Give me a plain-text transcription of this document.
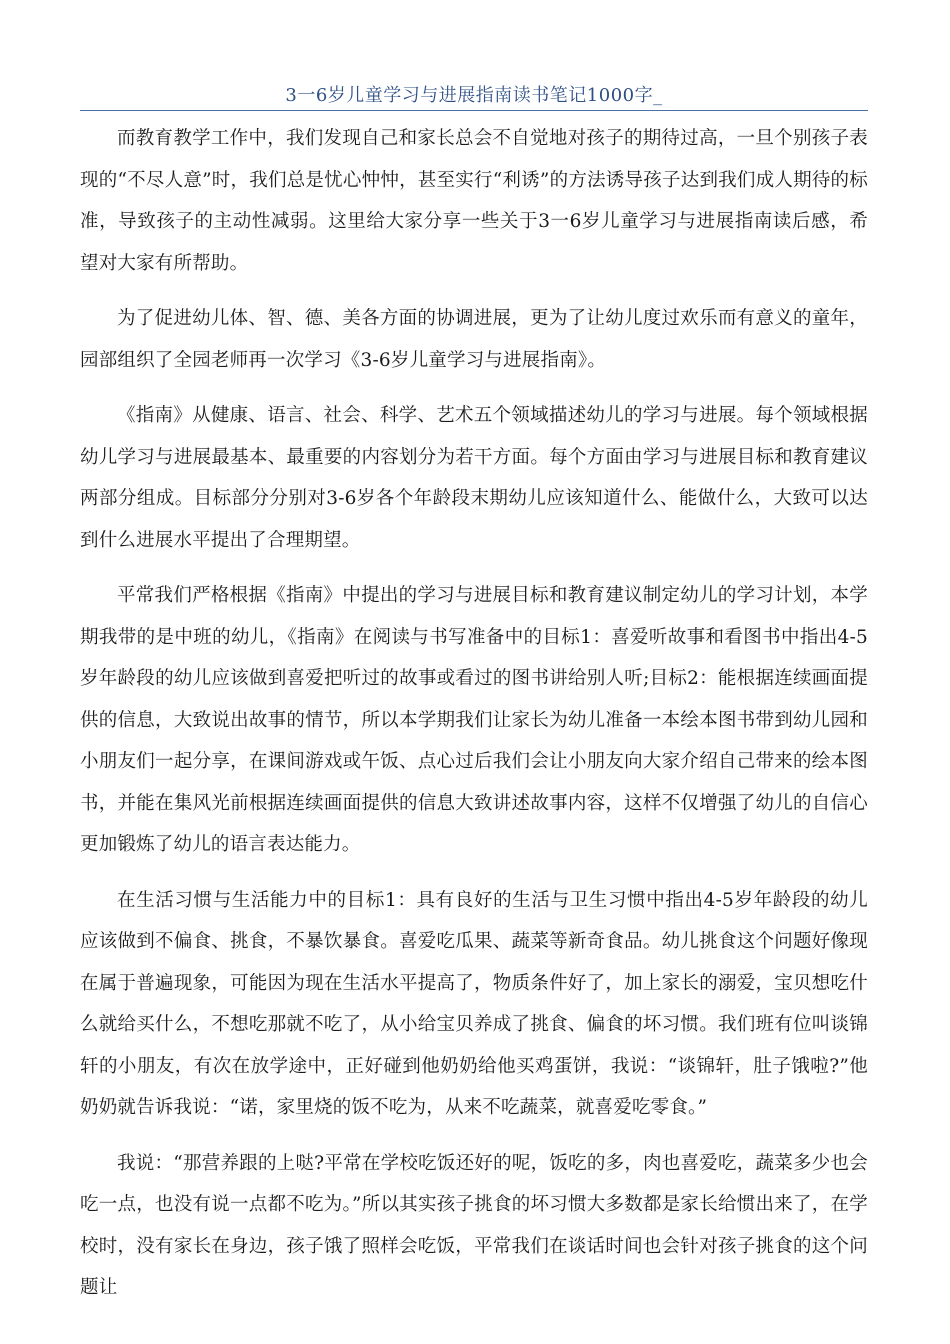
3一6岁儿童学习与进展指南读书笔记1000字_

而教育教学工作中，我们发现自己和家长总会不自觉地对孩子的期待过高，一旦个别孩子表现的“不尽人意”时，我们总是忧心忡忡，甚至实行“利诱”的方法诱导孩子达到我们成人期待的标准，导致孩子的主动性减弱。这里给大家分享一些关于3一6岁儿童学习与进展指南读后感，希望对大家有所帮助。

为了促进幼儿体、智、德、美各方面的协调进展，更为了让幼儿度过欢乐而有意义的童年，园部组织了全园老师再一次学习《3-6岁儿童学习与进展指南》。

《指南》从健康、语言、社会、科学、艺术五个领域描述幼儿的学习与进展。每个领域根据幼儿学习与进展最基本、最重要的内容划分为若干方面。每个方面由学习与进展目标和教育建议两部分组成。目标部分分别对3-6岁各个年龄段末期幼儿应该知道什么、能做什么，大致可以达到什么进展水平提出了合理期望。

平常我们严格根据《指南》中提出的学习与进展目标和教育建议制定幼儿的学习计划，本学期我带的是中班的幼儿，《指南》在阅读与书写准备中的目标1：喜爱听故事和看图书中指出4-5岁年龄段的幼儿应该做到喜爱把听过的故事或看过的图书讲给别人听;目标2：能根据连续画面提供的信息，大致说出故事的情节，所以本学期我们让家长为幼儿准备一本绘本图书带到幼儿园和小朋友们一起分享，在课间游戏或午饭、点心过后我们会让小朋友向大家介绍自己带来的绘本图书，并能在集风光前根据连续画面提供的信息大致讲述故事内容，这样不仅增强了幼儿的自信心更加锻炼了幼儿的语言表达能力。

在生活习惯与生活能力中的目标1：具有良好的生活与卫生习惯中指出4-5岁年龄段的幼儿应该做到不偏食、挑食，不暴饮暴食。喜爱吃瓜果、蔬菜等新奇食品。幼儿挑食这个问题好像现在属于普遍现象，可能因为现在生活水平提高了，物质条件好了，加上家长的溺爱，宝贝想吃什么就给买什么，不想吃那就不吃了，从小给宝贝养成了挑食、偏食的坏习惯。我们班有位叫谈锦轩的小朋友，有次在放学途中，正好碰到他奶奶给他买鸡蛋饼，我说：“谈锦轩，肚子饿啦?”他奶奶就告诉我说：“诺，家里烧的饭不吃为，从来不吃蔬菜，就喜爱吃零食。”

我说：“那营养跟的上哒?平常在学校吃饭还好的呢，饭吃的多，肉也喜爱吃，蔬菜多少也会吃一点，也没有说一点都不吃为。”所以其实孩子挑食的坏习惯大多数都是家长给惯出来了，在学校时，没有家长在身边，孩子饿了照样会吃饭，平常我们在谈话时间也会针对孩子挑食的这个问题让
